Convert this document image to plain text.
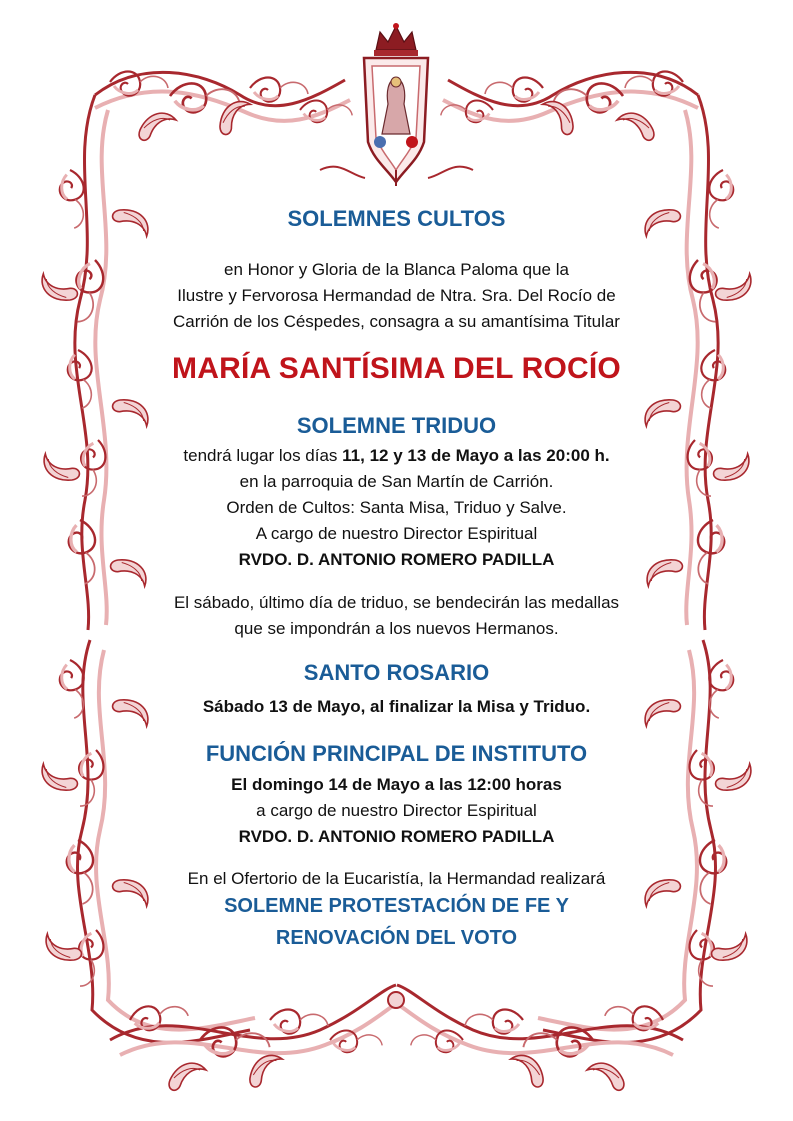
SOLEMNES CULTOS
en Honor y Gloria de la Blanca Paloma que la
Ilustre y Fervorosa Hermandad de Ntra. Sra. Del Rocío de
Carrión de los Céspedes, consagra a su amantísima Titular
MARÍA SANTÍSIMA DEL ROCÍO
SOLEMNE TRIDUO
tendrá lugar los días 11, 12 y 13 de Mayo a las 20:00 h.
en la parroquia de San Martín de Carrión.
Orden de Cultos: Santa Misa, Triduo y Salve.
A cargo de nuestro Director Espiritual
RVDO. D. ANTONIO ROMERO PADILLA
El sábado, último día de triduo, se bendecirán las medallas
que se impondrán a los nuevos Hermanos.
SANTO ROSARIO
Sábado 13 de Mayo, al finalizar la Misa y Triduo.
FUNCIÓN PRINCIPAL DE INSTITUTO
El domingo 14 de Mayo a las 12:00 horas
a cargo de nuestro Director Espiritual
RVDO. D. ANTONIO ROMERO PADILLA
En el Ofertorio de la Eucaristía, la Hermandad realizará
SOLEMNE PROTESTACIÓN DE FE Y
RENOVACIÓN DEL VOTO
